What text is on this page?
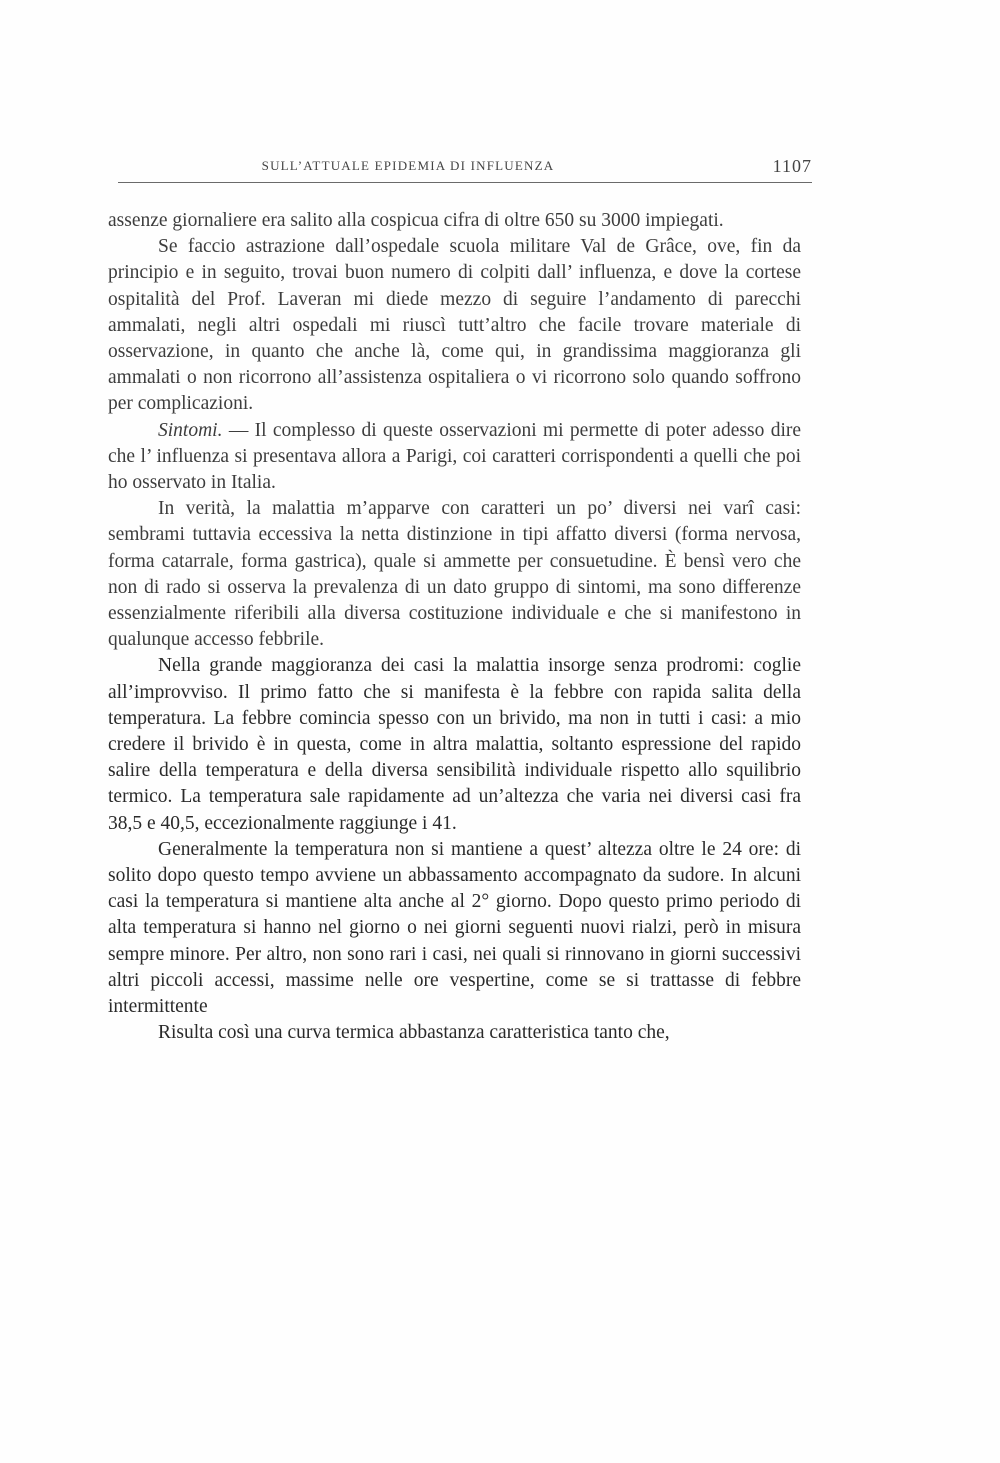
SULL’ATTUALE EPIDEMIA DI INFLUENZA	1107

assenze giornaliere era salito alla cospicua cifra di oltre 650 su 3000 impiegati.

Se faccio astrazione dall’ospedale scuola militare Val de Grâce, ove, fin da principio e in seguito, trovai buon numero di colpiti dall’ influenza, e dove la cortese ospitalità del Prof. Laveran mi diede mezzo di seguire l’andamento di parecchi ammalati, negli altri ospedali mi riuscì tutt’altro che facile trovare materiale di osservazione, in quanto che anche là, come qui, in grandissima maggioranza gli ammalati o non ricorrono all’assistenza ospitaliera o vi ricorrono solo quando soffrono per complicazioni.

Sintomi. — Il complesso di queste osservazioni mi permette di poter adesso dire che l’ influenza si presentava allora a Parigi, coi caratteri corrispondenti a quelli che poi ho osservato in Italia.

In verità, la malattia m’apparve con caratteri un po’ diversi nei varî casi: sembrami tuttavia eccessiva la netta distinzione in tipi affatto diversi (forma nervosa, forma catarrale, forma gastrica), quale si ammette per consuetudine. È bensì vero che non di rado si osserva la prevalenza di un dato gruppo di sintomi, ma sono differenze essenzialmente riferibili alla diversa costituzione individuale e che si manifestono in qualunque accesso febbrile.

Nella grande maggioranza dei casi la malattia insorge senza prodromi: coglie all’improvviso. Il primo fatto che si manifesta è la febbre con rapida salita della temperatura. La febbre comincia spesso con un brivido, ma non in tutti i casi: a mio credere il brivido è in questa, come in altra malattia, soltanto espressione del rapido salire della temperatura e della diversa sensibilità individuale rispetto allo squilibrio termico. La temperatura sale rapidamente ad un’altezza che varia nei diversi casi fra 38,5 e 40,5, eccezionalmente raggiunge i 41.

Generalmente la temperatura non si mantiene a quest’ altezza oltre le 24 ore: di solito dopo questo tempo avviene un abbassamento accompagnato da sudore. In alcuni casi la temperatura si mantiene alta anche al 2° giorno. Dopo questo primo periodo di alta temperatura si hanno nel giorno o nei giorni seguenti nuovi rialzi, però in misura sempre minore. Per altro, non sono rari i casi, nei quali si rinnovano in giorni successivi altri piccoli accessi, massime nelle ore vespertine, come se si trattasse di febbre intermittente

Risulta così una curva termica abbastanza caratteristica tanto che,
